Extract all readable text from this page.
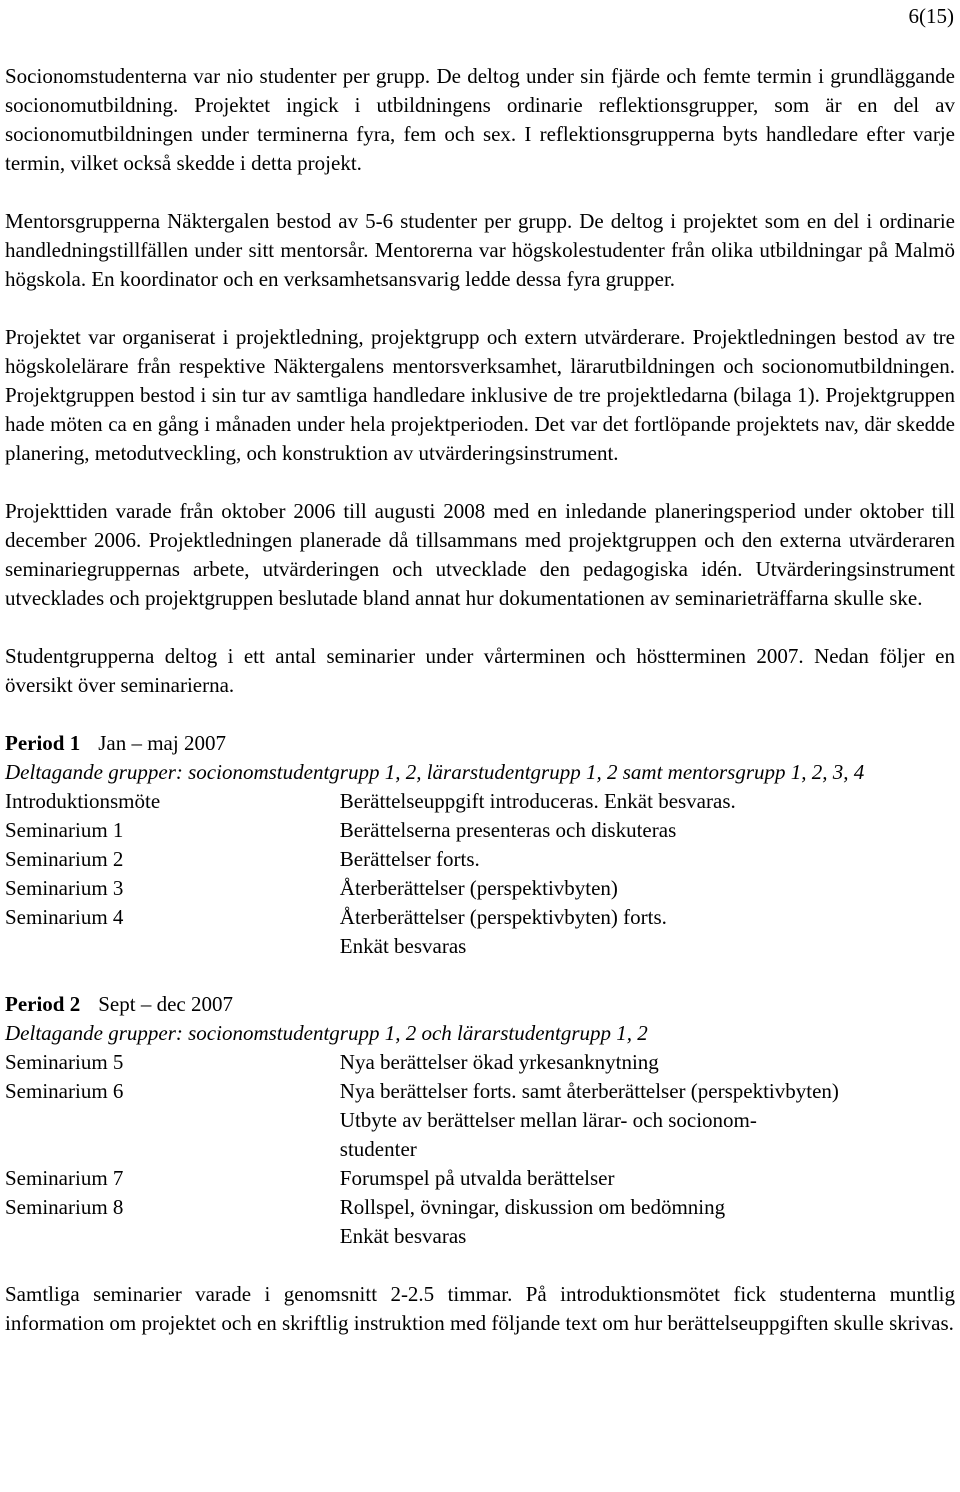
6(15)

Socionomstudenterna var nio studenter per grupp. De deltog under sin fjärde och femte termin i grundläggande socionomutbildning. Projektet ingick i utbildningens ordinarie reflektionsgrupper, som är en del av socionomutbildningen under terminerna fyra, fem och sex. I reflektionsgrupperna byts handledare efter varje termin, vilket också skedde i detta projekt.

Mentorsgrupperna Näktergalen bestod av 5-6 studenter per grupp. De deltog i projektet som en del i ordinarie handledningstillfällen under sitt mentorsår. Mentorerna var högskolestudenter från olika utbildningar på Malmö högskola. En koordinator och en verksamhetsansvarig ledde dessa fyra grupper.

Projektet var organiserat i projektledning, projektgrupp och extern utvärderare. Projektledningen bestod av tre högskolelärare från respektive Näktergalens mentorsverksamhet, lärarutbildningen och socionomutbildningen. Projektgruppen bestod i sin tur av samtliga handledare inklusive de tre projektledarna (bilaga 1). Projektgruppen hade möten ca en gång i månaden under hela projektperioden. Det var det fortlöpande projektets nav, där skedde planering, metodutveckling, och konstruktion av utvärderingsinstrument.

Projekttiden varade från oktober 2006 till augusti 2008 med en inledande planeringsperiod under oktober till december 2006. Projektledningen planerade då tillsammans med projektgruppen och den externa utvärderaren seminariegruppernas arbete, utvärderingen och utvecklade den pedagogiska idén. Utvärderingsinstrument utvecklades och projektgruppen beslutade bland annat hur dokumentationen av seminarieträffarna skulle ske.

Studentgrupperna deltog i ett antal seminarier under vårterminen och höstterminen 2007. Nedan följer en översikt över seminarierna.

Period 1 Jan – maj 2007
Deltagande grupper: socionomstudentgrupp 1, 2, lärarstudentgrupp 1, 2 samt mentorsgrupp 1, 2, 3, 4
Introduktionsmöte	Berättelseuppgift introduceras. Enkät besvaras.
Seminarium 1	Berättelserna presenteras och diskuteras
Seminarium 2	Berättelser forts.
Seminarium 3	Återberättelser (perspektivbyten)
Seminarium 4	Återberättelser (perspektivbyten) forts.
	Enkät besvaras
Period 2 Sept – dec 2007
Deltagande grupper: socionomstudentgrupp 1, 2 och lärarstudentgrupp 1, 2
Seminarium 5	Nya berättelser ökad yrkesanknytning
Seminarium 6	Nya berättelser forts. samt återberättelser (perspektivbyten)
	Utbyte av berättelser mellan lärar- och socionom-
	studenter
Seminarium 7	Forumspel på utvalda berättelser
Seminarium 8	Rollspel, övningar, diskussion om bedömning
	Enkät besvaras

Samtliga seminarier varade i genomsnitt 2-2.5 timmar. På introduktionsmötet fick studenterna muntlig information om projektet och en skriftlig instruktion med följande text om hur berättelseuppgiften skulle skrivas.
